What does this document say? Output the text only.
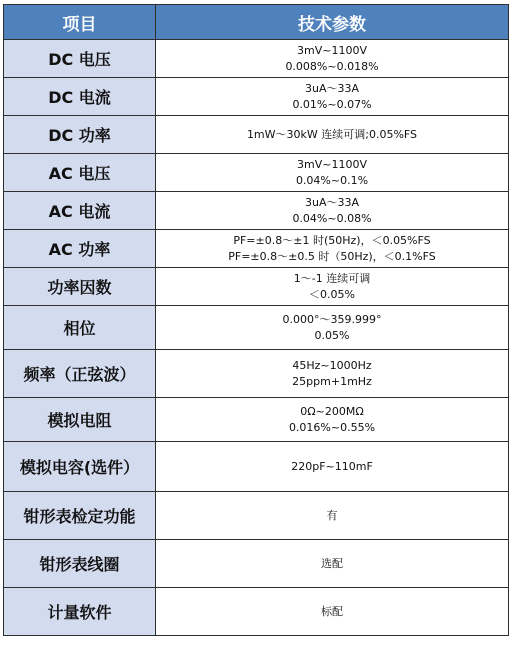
项目	技术参数
DC 电压	3mV~1100V
0.008%~0.018%

DC 电流	3uA～33A
0.01%~0.07%

DC 功率	1mW～30kW 连续可调;0.05%FS

AC 电压	3mV~1100V
0.04%~0.1%

AC 电流	3uA～33A
0.04%~0.08%

AC 功率	PF=±0.8～±1 时(50Hz)，＜0.05%FS
PF=±0.8～±0.5 时（50Hz)，＜0.1%FS

功率因数	1～-1 连续可调
＜0.05%

相位	0.000°～359.999°
0.05%

频率（正弦波）	45Hz~1000Hz
25ppm+1mHz

模拟电阻	0Ω~200MΩ
0.016%~0.55%

模拟电容(选件）	220pF~110mF

钳形表检定功能	有

钳形表线圈	选配

计量软件	标配
